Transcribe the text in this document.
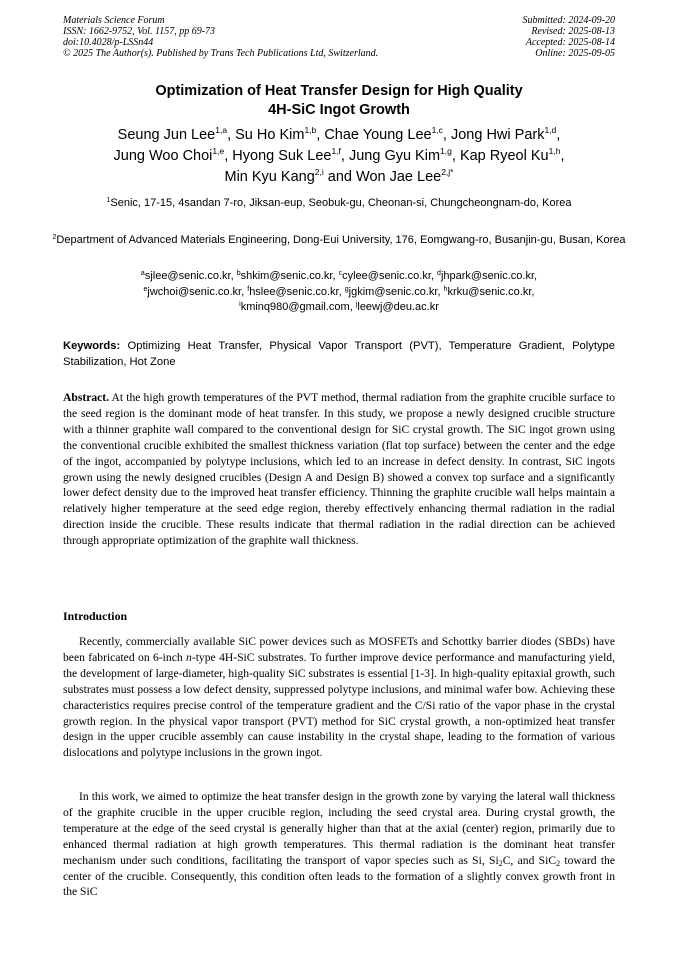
Materials Science Forum
ISSN: 1662-9752, Vol. 1157, pp 69-73
doi:10.4028/p-LSSn44
© 2025 The Author(s). Published by Trans Tech Publications Ltd, Switzerland.
Submitted: 2024-09-20
Revised: 2025-08-13
Accepted: 2025-08-14
Online: 2025-09-05
Optimization of Heat Transfer Design for High Quality
4H-SiC Ingot Growth
Seung Jun Lee$^{1,a}$, Su Ho Kim$^{1,b}$, Chae Young Lee$^{1,c}$, Jong Hwi Park$^{1,d}$,
Jung Woo Choi$^{1,e}$, Hyong Suk Lee$^{1,f}$, Jung Gyu Kim$^{1,g}$, Kap Ryeol Ku$^{1,h}$,
Min Kyu Kang$^{2,i}$ and Won Jae Lee$^{2,j*}$
$^1$Senic, 17-15, 4sandan 7-ro, Jiksan-eup, Seobuk-gu, Cheonan-si, Chungcheongnam-do, Korea
$^2$Department of Advanced Materials Engineering, Dong-Eui University, 176, Eomgwang-ro, Busanjin-gu, Busan, Korea
$^a$sjlee@senic.co.kr, $^b$shkim@senic.co.kr, $^c$cylee@senic.co.kr, $^d$jhpark@senic.co.kr,
$^e$jwchoi@senic.co.kr, $^f$hslee@senic.co.kr, $^g$jgkim@senic.co.kr, $^h$krku@senic.co.kr,
$^i$kminq980@gmail.com, $^j$leewj@deu.ac.kr
Keywords: Optimizing Heat Transfer, Physical Vapor Transport (PVT), Temperature Gradient, Polytype Stabilization, Hot Zone
Abstract. At the high growth temperatures of the PVT method, thermal radiation from the graphite crucible surface to the seed region is the dominant mode of heat transfer. In this study, we propose a newly designed crucible structure with a thinner graphite wall compared to the conventional design for SiC crystal growth. The SiC ingot grown using the conventional crucible exhibited the smallest thickness variation (flat top surface) between the center and the edge of the ingot, accompanied by polytype inclusions, which led to an increase in defect density. In contrast, SiC ingots grown using the newly designed crucibles (Design A and Design B) showed a convex top surface and a significantly lower defect density due to the improved heat transfer efficiency. Thinning the graphite crucible wall helps maintain a relatively higher temperature at the seed edge region, thereby effectively enhancing thermal radiation in the radial direction inside the crucible. These results indicate that thermal radiation in the radial direction can be achieved through appropriate optimization of the graphite wall thickness.
Introduction

Recently, commercially available SiC power devices such as MOSFETs and Schottky barrier diodes (SBDs) have been fabricated on 6-inch n-type 4H-SiC substrates. To further improve device performance and manufacturing yield, the development of large-diameter, high-quality SiC substrates is essential [1-3]. In high-quality epitaxial growth, such substrates must possess a low defect density, suppressed polytype inclusions, and minimal wafer bow. Achieving these characteristics requires precise control of the temperature gradient and the C/Si ratio of the vapor phase in the crystal growth region. In the physical vapor transport (PVT) method for SiC crystal growth, a non-optimized heat transfer design in the upper crucible assembly can cause instability in the crystal shape, leading to the formation of various dislocations and polytype inclusions in the grown ingot.

In this work, we aimed to optimize the heat transfer design in the growth zone by varying the lateral wall thickness of the graphite crucible in the upper crucible region, including the seed crystal area. During crystal growth, the temperature at the edge of the seed crystal is generally higher than that at the axial (center) region, primarily due to enhanced thermal radiation at high growth temperatures. This thermal radiation is the dominant heat transfer mechanism under such conditions, facilitating the transport of vapor species such as Si, $Si_2C$, and SiC$_2$ toward the center of the crucible. Consequently, this condition often leads to the formation of a slightly convex growth front in the SiC
